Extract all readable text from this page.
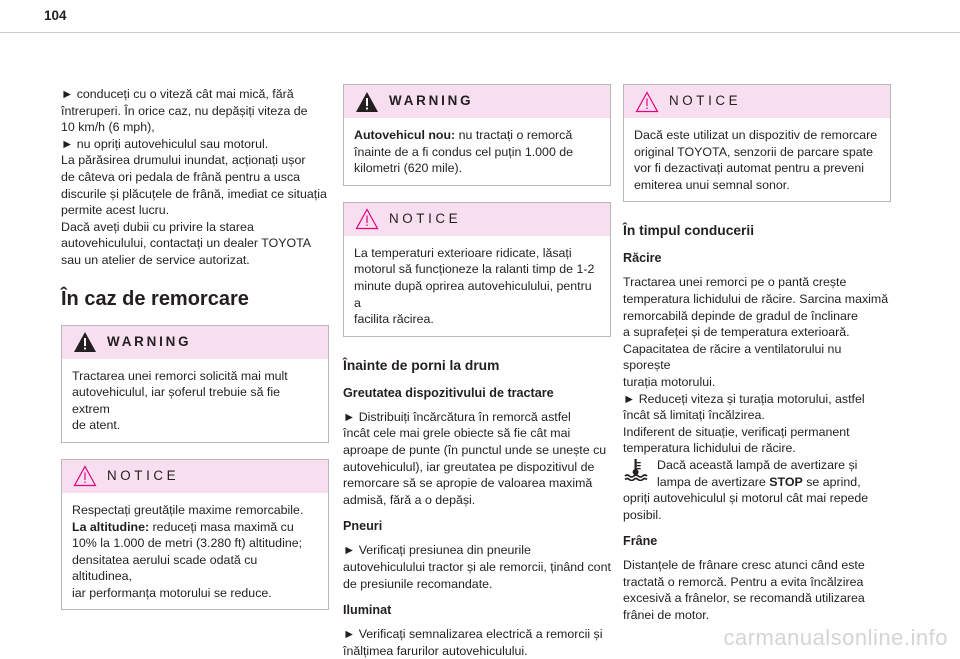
104

► conduceți cu o viteză cât mai mică, fără

întreruperi. În orice caz, nu depășiți viteza de

10 km/h (6 mph),

► nu opriți autovehiculul sau motorul.

La părăsirea drumului inundat, acționați ușor

de câteva ori pedala de frână pentru a usca

discurile și plăcuțele de frână, imediat ce situația

permite acest lucru.

Dacă aveți dubii cu privire la starea

autovehiculului, contactați un dealer TOYOTA

sau un atelier de service autorizat.

În caz de remorcare
WARNING

Tractarea unei remorci solicită mai mult

autovehiculul, iar șoferul trebuie să fie extrem

de atent.

NOTICE

Respectați greutățile maxime remorcabile.

La altitudine: reduceți masa maximă cu

10% la 1.000 de metri (3.280 ft) altitudine;

densitatea aerului scade odată cu altitudinea,

iar performanța motorului se reduce.

WARNING

Autovehicul nou: nu tractați o remorcă

înainte de a fi condus cel puțin 1.000 de

kilometri (620 mile).

NOTICE

La temperaturi exterioare ridicate, lăsați

motorul să funcționeze la ralanti timp de 1-2

minute după oprirea autovehiculului, pentru a

facilita răcirea.

Înainte de porni la drum
Greutatea dispozitivului de tractare

► Distribuiți încărcătura în remorcă astfel

încât cele mai grele obiecte să fie cât mai

aproape de punte (în punctul unde se unește cu

autovehiculul), iar greutatea pe dispozitivul de

remorcare să se apropie de valoarea maximă

admisă, fără a o depăși.

Pneuri

► Verificați presiunea din pneurile

autovehiculului tractor și ale remorcii, ținând cont

de presiunile recomandate.

Iluminat

► Verificați semnalizarea electrică a remorcii și

înălțimea farurilor autovehiculului.

NOTICE

Dacă este utilizat un dispozitiv de remorcare

original TOYOTA, senzorii de parcare spate

vor fi dezactivați automat pentru a preveni

emiterea unui semnal sonor.

În timpul conducerii
Răcire

Tractarea unei remorci pe o pantă crește

temperatura lichidului de răcire. Sarcina maximă

remorcabilă depinde de gradul de înclinare

a suprafeței și de temperatura exterioară.

Capacitatea de răcire a ventilatorului nu sporește

turația motorului.

► Reduceți viteza și turația motorului, astfel

încât să limitați încălzirea.

Indiferent de situație, verificați permanent

temperatura lichidului de răcire.

Dacă această lampă de avertizare și

lampa de avertizare STOP se aprind,

opriți autovehiculul și motorul cât mai repede

posibil.

Frâne

Distanțele de frânare cresc atunci când este

tractată o remorcă. Pentru a evita încălzirea

excesivă a frânelor, se recomandă utilizarea

frânei de motor.

carmanualsonline.info
